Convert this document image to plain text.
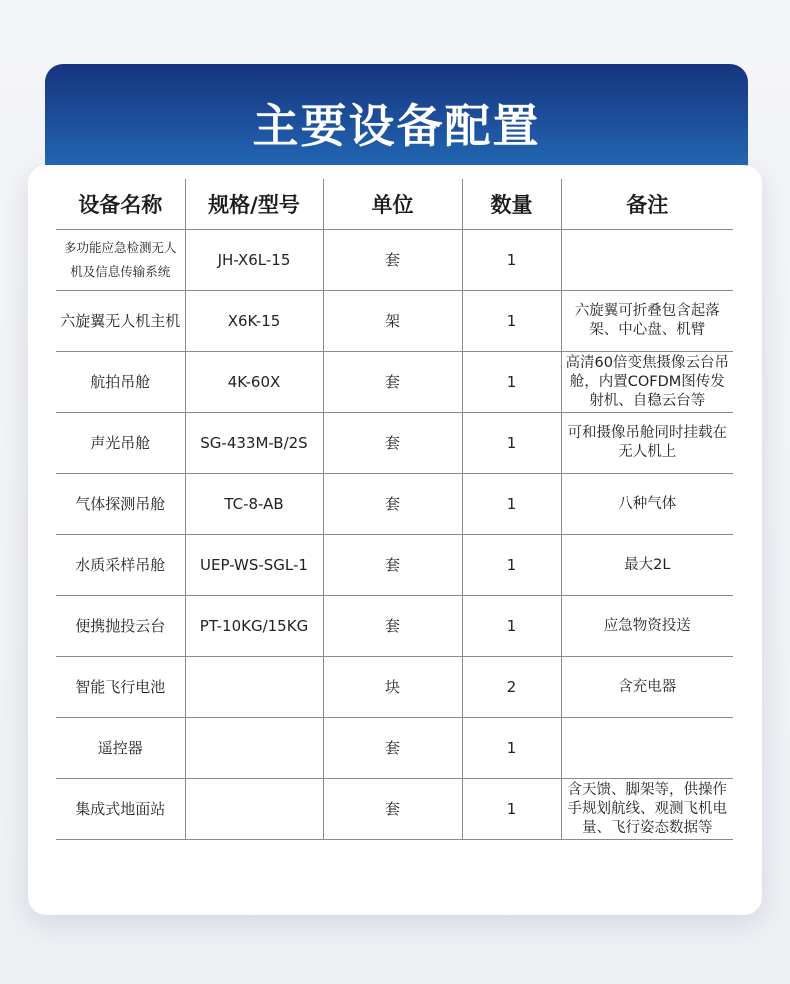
主要设备配置
设备名称	规格/型号	单位	数量	备注
多功能应急检测无人机及信息传输系统	JH-X6L-15	套	1	
六旋翼无人机主机	X6K-15	架	1	六旋翼可折叠包含起落架、中心盘、机臂
航拍吊舱	4K-60X	套	1	高清60倍变焦摄像云台吊舱，内置COFDM图传发射机、自稳云台等
声光吊舱	SG-433M-B/2S	套	1	可和摄像吊舱同时挂载在无人机上
气体探测吊舱	TC-8-AB	套	1	八种气体
水质采样吊舱	UEP-WS-SGL-1	套	1	最大2L
便携抛投云台	PT-10KG/15KG	套	1	应急物资投送
智能飞行电池		块	2	含充电器
遥控器		套	1	
集成式地面站		套	1	含天馈、脚架等，供操作手规划航线、观测飞机电量、飞行姿态数据等
